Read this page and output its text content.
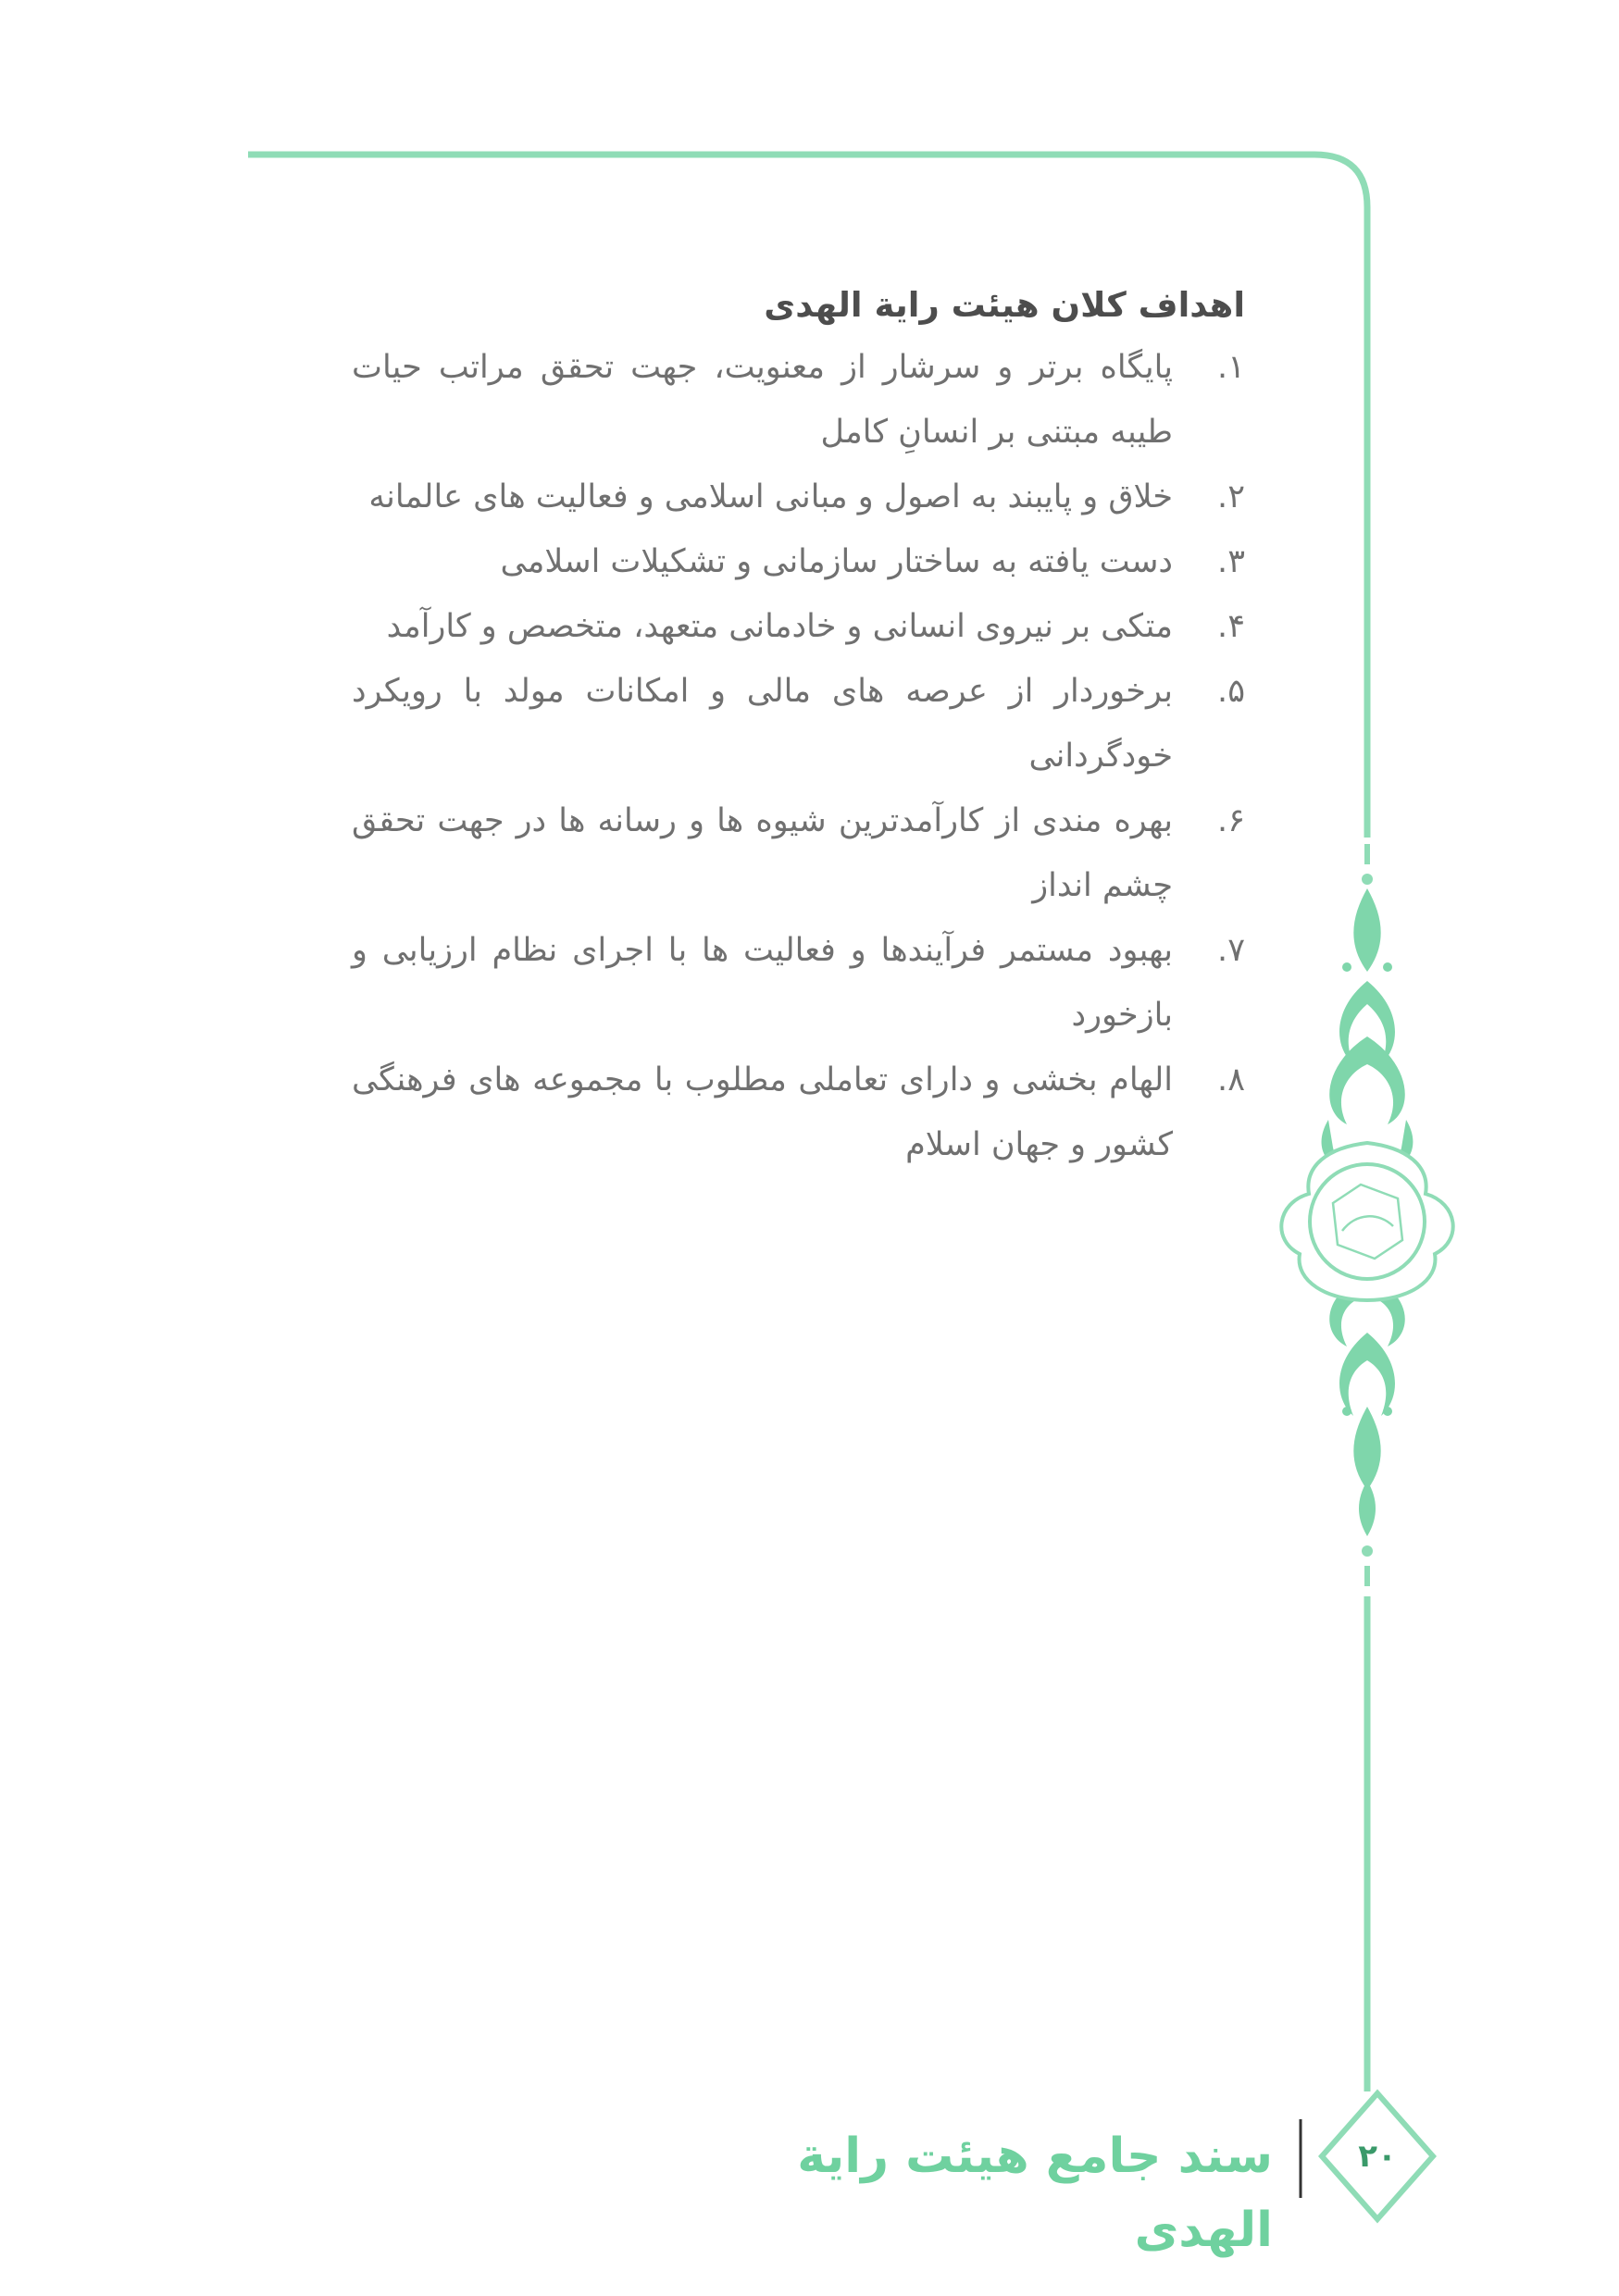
اهداف کلان هیئت رایة الهدی
۱.
پایگاه برتر و سرشار از معنویت، جهت تحقق مراتب حیات طیبه مبتنی بر انسانِ کامل
۲.
خلاق و پایبند به اصول و مبانی اسلامی و فعالیت های عالمانه
۳.
دست یافته به ساختار سازمانی و تشکیلات اسلامی
۴.
متکی بر نیروی انسانی و خادمانی متعهد، متخصص و کارآمد
۵.
برخوردار از عرصه های مالی و امکانات مولد با رویکرد خودگردانی
۶.
بهره مندی از کارآمدترین شیوه ها و رسانه ها در جهت تحقق چشم انداز
۷.
بهبود مستمر فرآیندها و فعالیت ها با اجرای نظام ارزیابی و بازخورد
۸.
الهام بخشی و دارای تعاملی مطلوب با مجموعه های فرهنگی کشور و جهان اسلام
سند جامع هیئت رایة الهدی
۲۰
